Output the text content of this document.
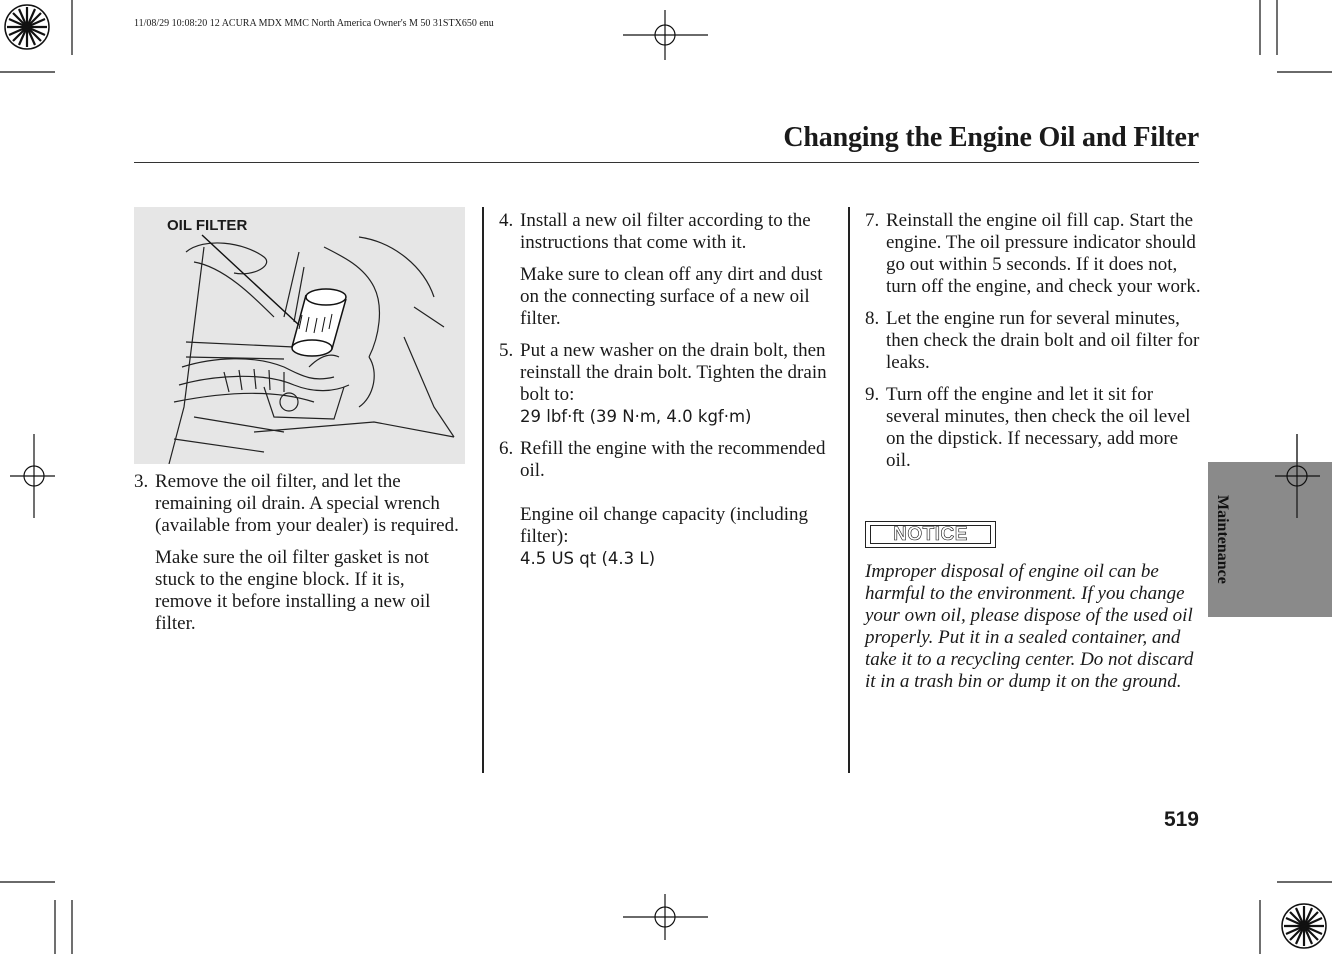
11/08/29 10:08:20 12 ACURA MDX MMC North America Owner's M 50 31STX650 enu
Changing the Engine Oil and Filter
OIL FILTER
3. Remove the oil filter, and let the remaining oil drain. A special wrench (available from your dealer) is required.

Make sure the oil filter gasket is not stuck to the engine block. If it is, remove it before installing a new oil filter.

4. Install a new oil filter according to the instructions that come with it.

Make sure to clean off any dirt and dust on the connecting surface of a new oil filter.

5. Put a new washer on the drain bolt, then reinstall the drain bolt. Tighten the drain bolt to:
29 lbf·ft (39 N·m, 4.0 kgf·m)

6. Refill the engine with the recommended oil.

Engine oil change capacity (including filter):
4.5 US qt (4.3 L)

7. Reinstall the engine oil fill cap. Start the engine. The oil pressure indicator should go out within 5 seconds. If it does not, turn off the engine, and check your work.

8. Let the engine run for several minutes, then check the drain bolt and oil filter for leaks.

9. Turn off the engine and let it sit for several minutes, then check the oil level on the dipstick. If necessary, add more oil.

NOTICE
Improper disposal of engine oil can be harmful to the environment. If you change your own oil, please dispose of the used oil properly. Put it in a sealed container, and take it to a recycling center. Do not discard it in a trash bin or dump it on the ground.
Maintenance
519
